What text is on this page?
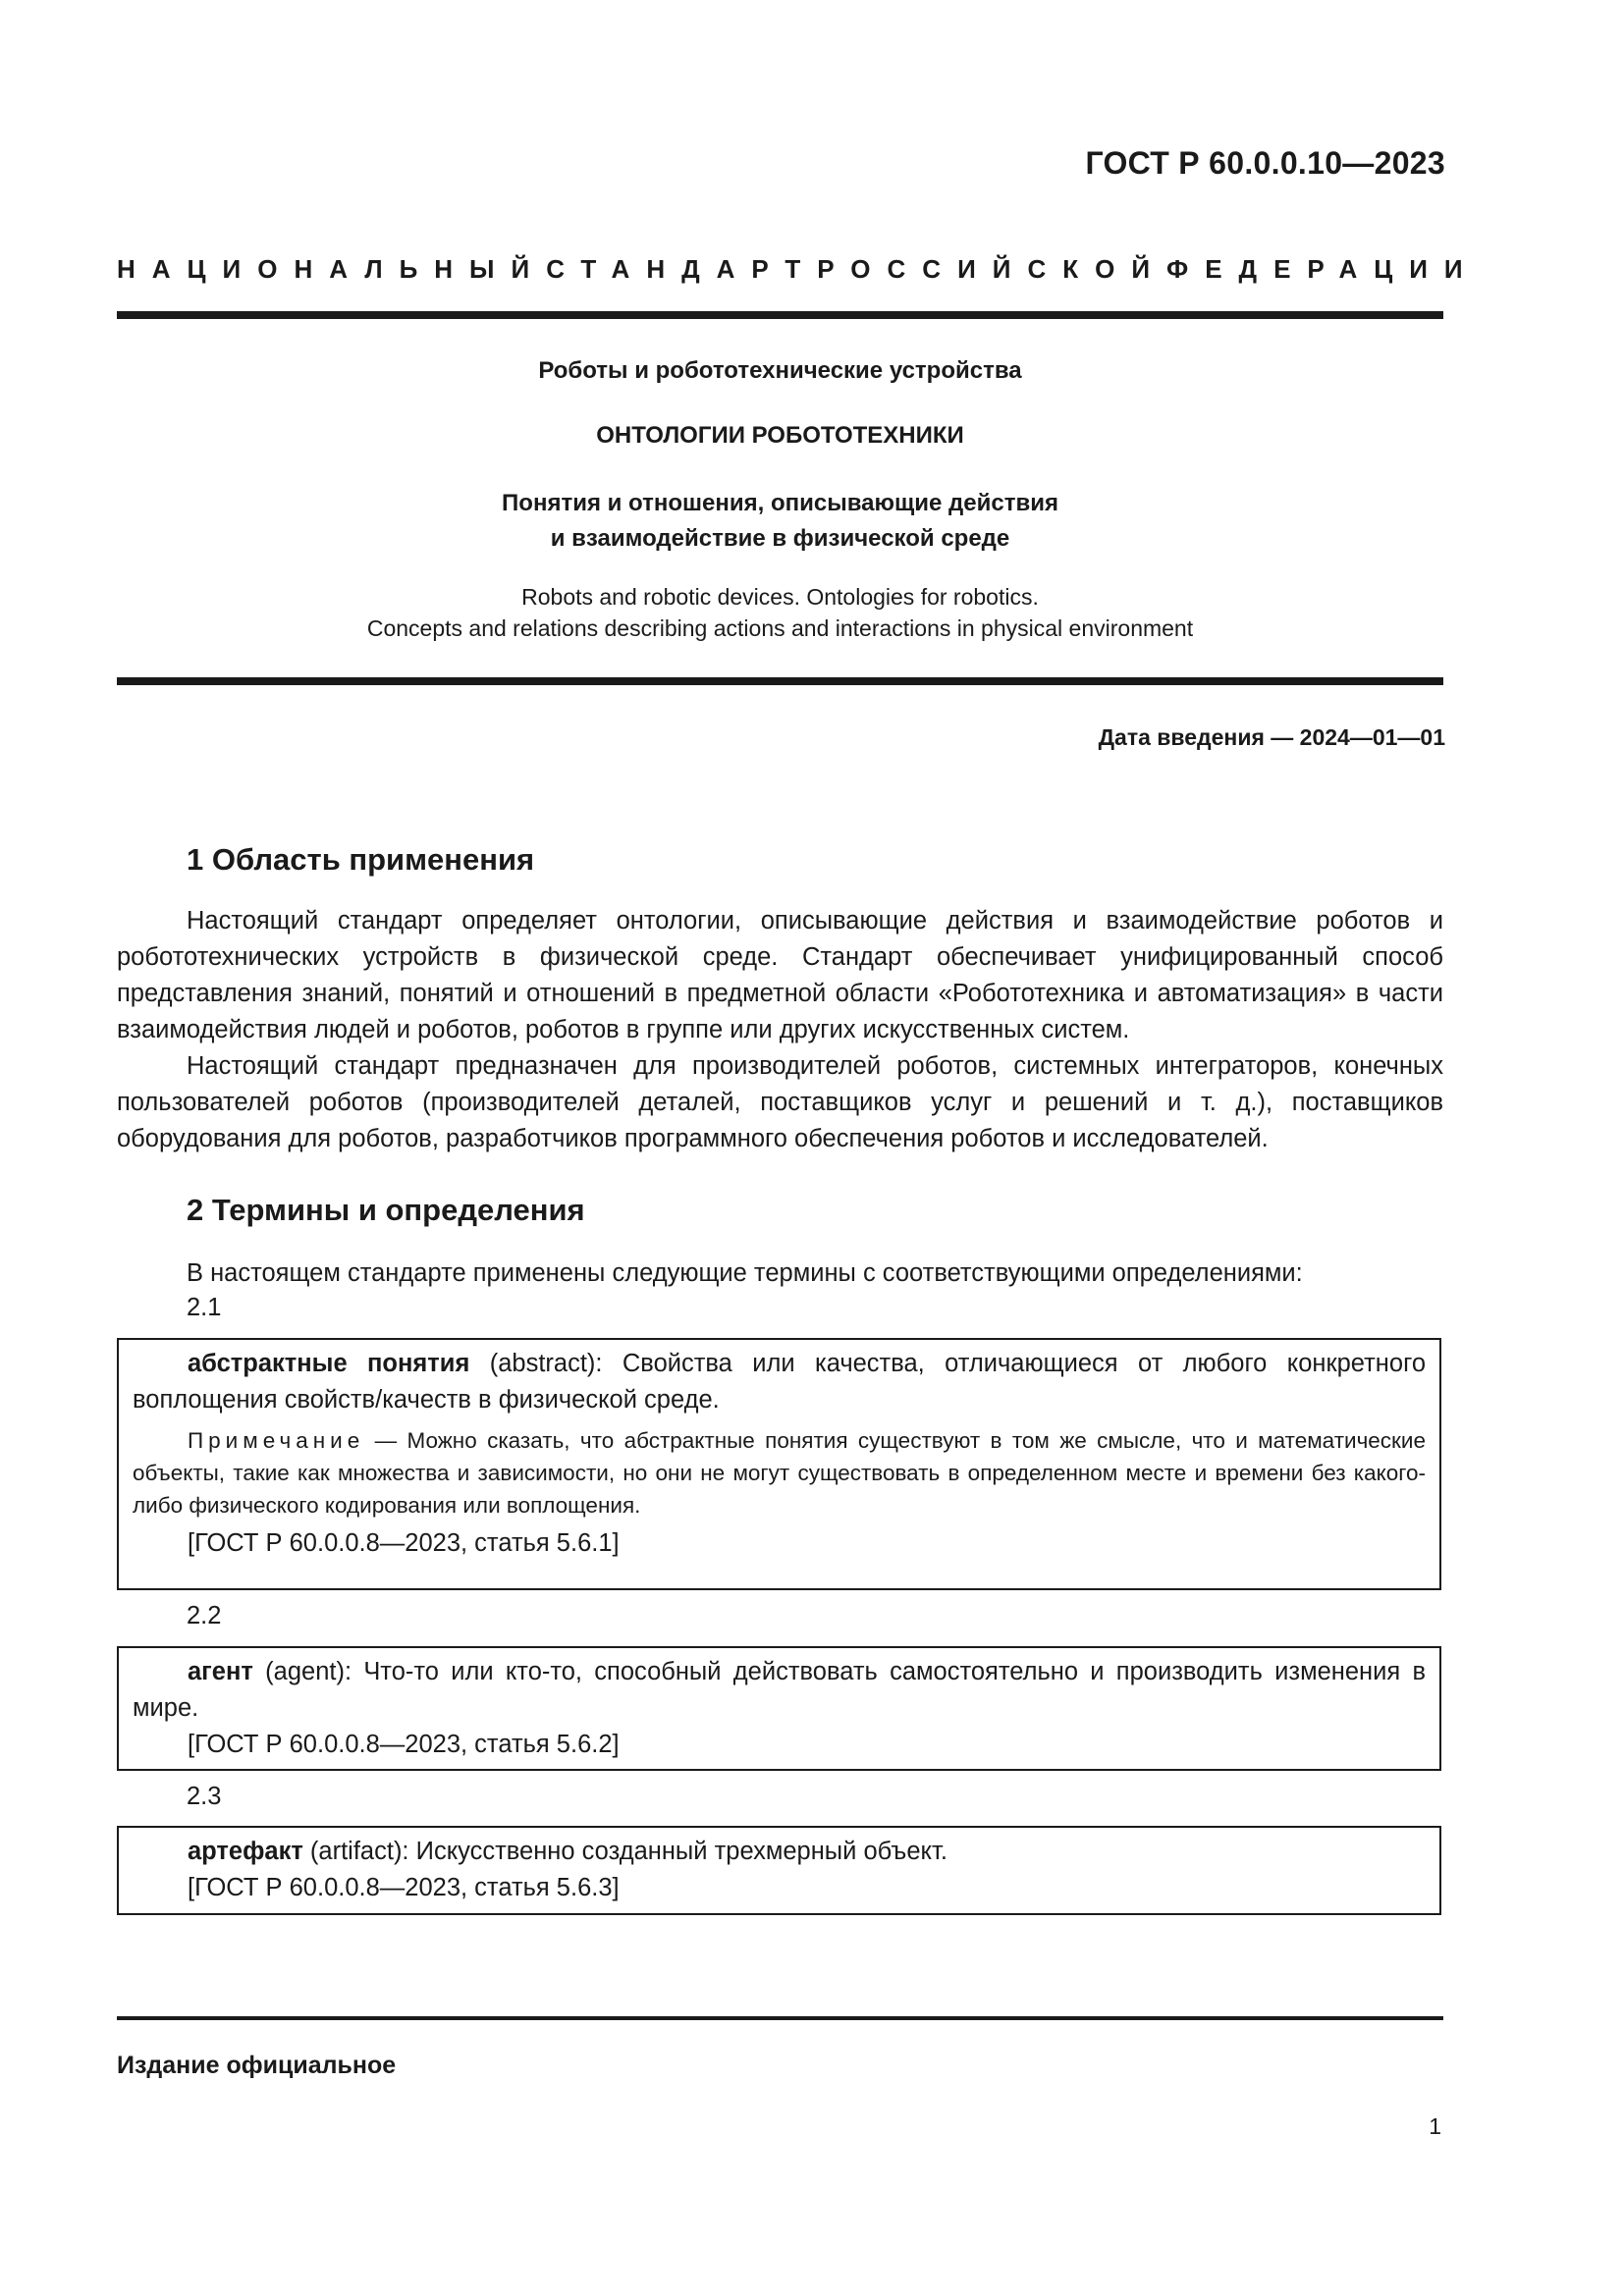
ГОСТ Р 60.0.0.10—2023
НАЦИОНАЛЬНЫЙ СТАНДАРТ РОССИЙСКОЙ ФЕДЕРАЦИИ
Роботы и робототехнические устройства
ОНТОЛОГИИ РОБОТОТЕХНИКИ
Понятия и отношения, описывающие действия
и взаимодействие в физической среде
Robots and robotic devices. Ontologies for robotics.
Concepts and relations describing actions and interactions in physical environment
Дата введения — 2024—01—01
1 Область применения

Настоящий стандарт определяет онтологии, описывающие действия и взаимодействие роботов и робототехнических устройств в физической среде. Стандарт обеспечивает унифицированный способ представления знаний, понятий и отношений в предметной области «Робототехника и автоматизация» в части взаимодействия людей и роботов, роботов в группе или других искусственных систем.

Настоящий стандарт предназначен для производителей роботов, системных интеграторов, конечных пользователей роботов (производителей деталей, поставщиков услуг и решений и т. д.), поставщиков оборудования для роботов, разработчиков программного обеспечения роботов и исследователей.

2 Термины и определения
В настоящем стандарте применены следующие термины с соответствующими определениями:
2.1

абстрактные понятия (abstract): Свойства или качества, отличающиеся от любого конкретного воплощения свойств/качеств в физической среде.

Примечание — Можно сказать, что абстрактные понятия существуют в том же смысле, что и математические объекты, такие как множества и зависимости, но они не могут существовать в определенном месте и времени без какого-либо физического кодирования или воплощения.

[ГОСТ Р 60.0.0.8—2023, статья 5.6.1]

2.2

агент (agent): Что-то или кто-то, способный действовать самостоятельно и производить изменения в мире.

[ГОСТ Р 60.0.0.8—2023, статья 5.6.2]

2.3

артефакт (artifact): Искусственно созданный трехмерный объект.

[ГОСТ Р 60.0.0.8—2023, статья 5.6.3]

Издание официальное
1
